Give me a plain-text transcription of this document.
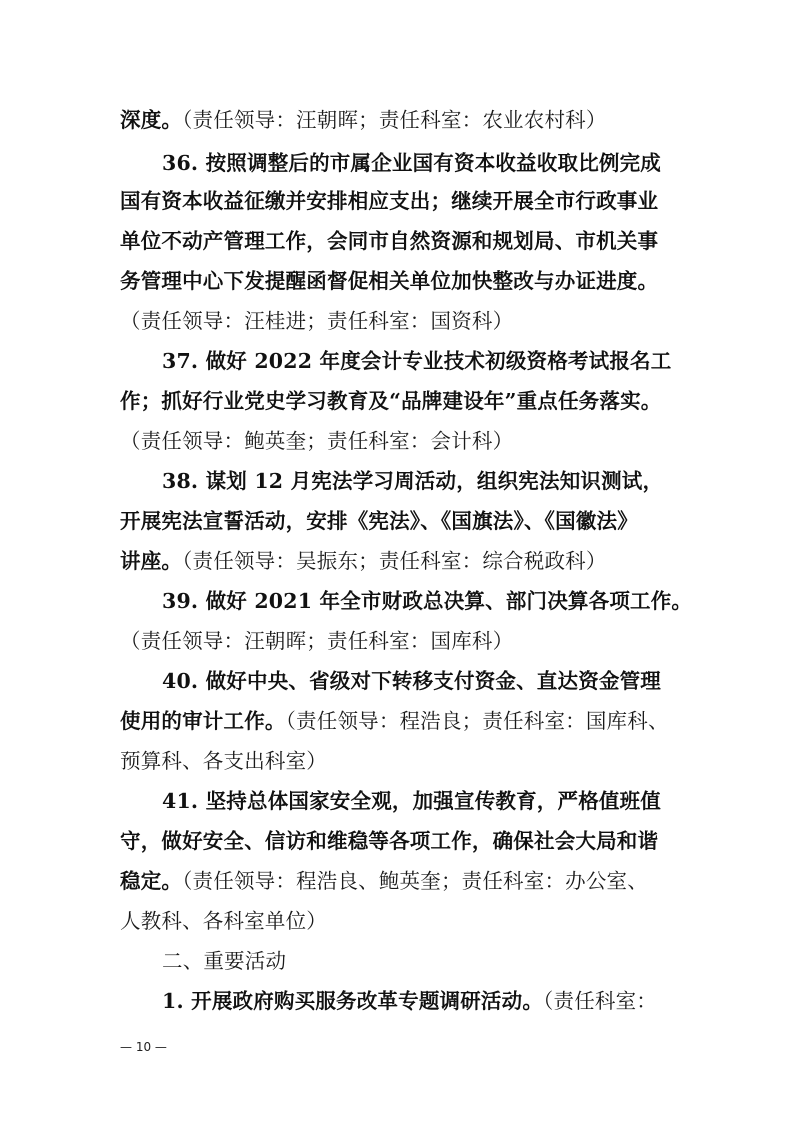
深度。（责任领导：汪朝晖；责任科室：农业农村科）
36. 按照调整后的市属企业国有资本收益收取比例完成
国有资本收益征缴并安排相应支出；继续开展全市行政事业
单位不动产管理工作，会同市自然资源和规划局、市机关事
务管理中心下发提醒函督促相关单位加快整改与办证进度。
（责任领导：汪桂进；责任科室：国资科）
37. 做好 2022 年度会计专业技术初级资格考试报名工
作；抓好行业党史学习教育及“品牌建设年”重点任务落实。
（责任领导：鲍英奎；责任科室：会计科）
38. 谋划 12 月宪法学习周活动，组织宪法知识测试，
开展宪法宣誓活动，安排《宪法》、《国旗法》、《国徽法》
讲座。（责任领导：吴振东；责任科室：综合税政科）
39. 做好 2021 年全市财政总决算、部门决算各项工作。
（责任领导：汪朝晖；责任科室：国库科）
40. 做好中央、省级对下转移支付资金、直达资金管理
使用的审计工作。（责任领导：程浩良；责任科室：国库科、
预算科、各支出科室）
41. 坚持总体国家安全观，加强宣传教育，严格值班值
守，做好安全、信访和维稳等各项工作，确保社会大局和谐
稳定。（责任领导：程浩良、鲍英奎；责任科室：办公室、
人教科、各科室单位）
二、重要活动
1. 开展政府购买服务改革专题调研活动。（责任科室：
— 10 —
